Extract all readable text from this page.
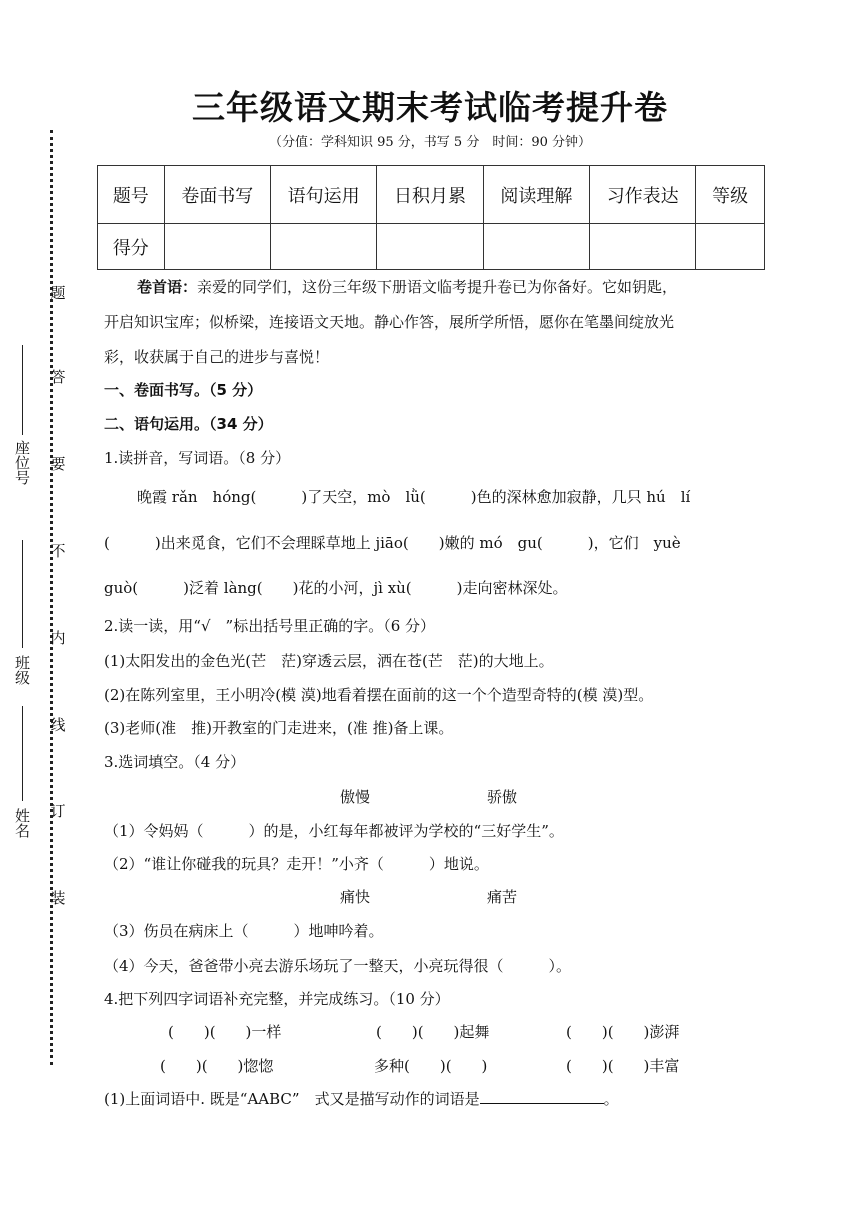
三年级语文期末考试临考提升卷
（分值：学科知识 95 分，书写 5 分　时间：90 分钟）
题号	卷面书写	语句运用	日积月累	阅读理解	习作表达	等级
得分						
题
答
要
不
内
线
订
装
座位号
班级
姓名
卷首语：亲爱的同学们，这份三年级下册语文临考提升卷已为你备好。它如钥匙，
开启知识宝库；似桥梁，连接语文天地。静心作答，展所学所悟，愿你在笔墨间绽放光
彩，收获属于自己的进步与喜悦！
一、卷面书写。（5 分）
二、语句运用。（34 分）
1.读拼音，写词语。（8 分）
晚霞 rǎn　hóng(　　　)了天空，mò　lǜ(　　　)色的深林愈加寂静，几只 hú　lí
(　　　)出来觅食，它们不会理睬草地上 jiāo(　　)嫩的 mó　gu(　　　)，它们　yuè
guò(　　　)泛着 làng(　　)花的小河，jì xù(　　　)走向密林深处。
2.读一读，用“√　”标出括号里正确的字。（6 分）
(1)太阳发出的金色光(芒　茫)穿透云层，洒在苍(芒　茫)的大地上。
(2)在陈列室里，王小明冷(模 漠)地看着摆在面前的这一个个造型奇特的(模 漠)型。
(3)老师(准　推)开教室的门走进来，(准 推)备上课。
3.选词填空。（4 分）
傲慢	骄傲
（1）令妈妈（　　　）的是，小红每年都被评为学校的“三好学生”。
（2）“谁让你碰我的玩具？走开！”小齐（　　　）地说。
痛快	痛苦
（3）伤员在病床上（　　　）地呻吟着。
（4）今天，爸爸带小亮去游乐场玩了一整天，小亮玩得很（　　　）。
4.把下列四字词语补充完整，并完成练习。（10 分）
(　　)(　　)一样	(　　)(　　)起舞	(　　)(　　)澎湃
(　　)(　　)惚惚	多种(　　)(　　)	(　　)(　　)丰富
(1)上面词语中. 既是“AABC”　式又是描写动作的词语是	。
